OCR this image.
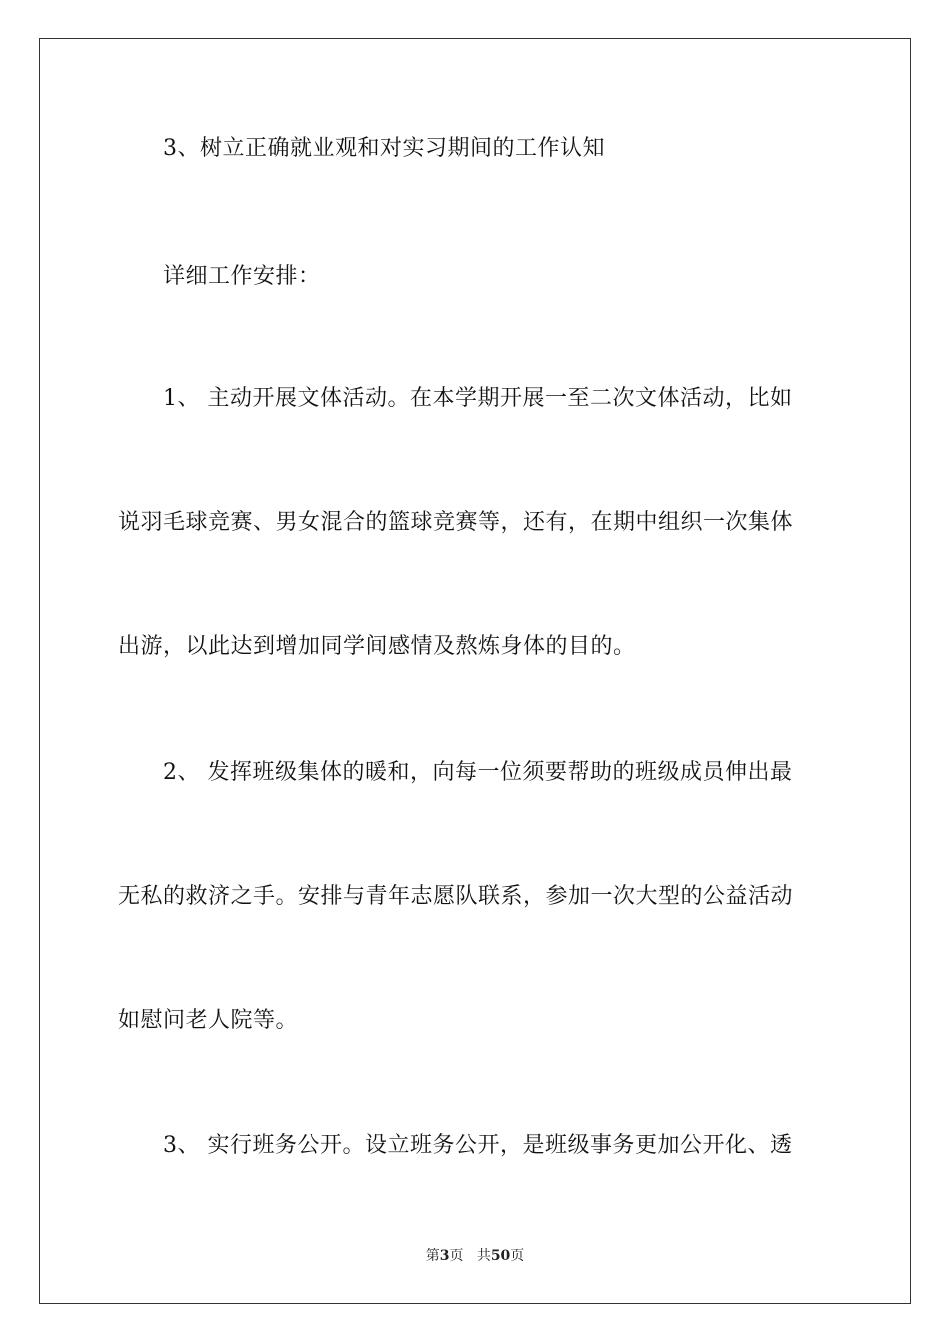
3、树立正确就业观和对实习期间的工作认知
详细工作安排：
1、 主动开展文体活动。在本学期开展一至二次文体活动，比如
说羽毛球竞赛、男女混合的篮球竞赛等，还有，在期中组织一次集体
出游，以此达到增加同学间感情及熬炼身体的目的。
2、 发挥班级集体的暖和，向每一位须要帮助的班级成员伸出最
无私的救济之手。安排与青年志愿队联系，参加一次大型的公益活动
如慰问老人院等。
3、 实行班务公开。设立班务公开，是班级事务更加公开化、透
第3页 共50页
